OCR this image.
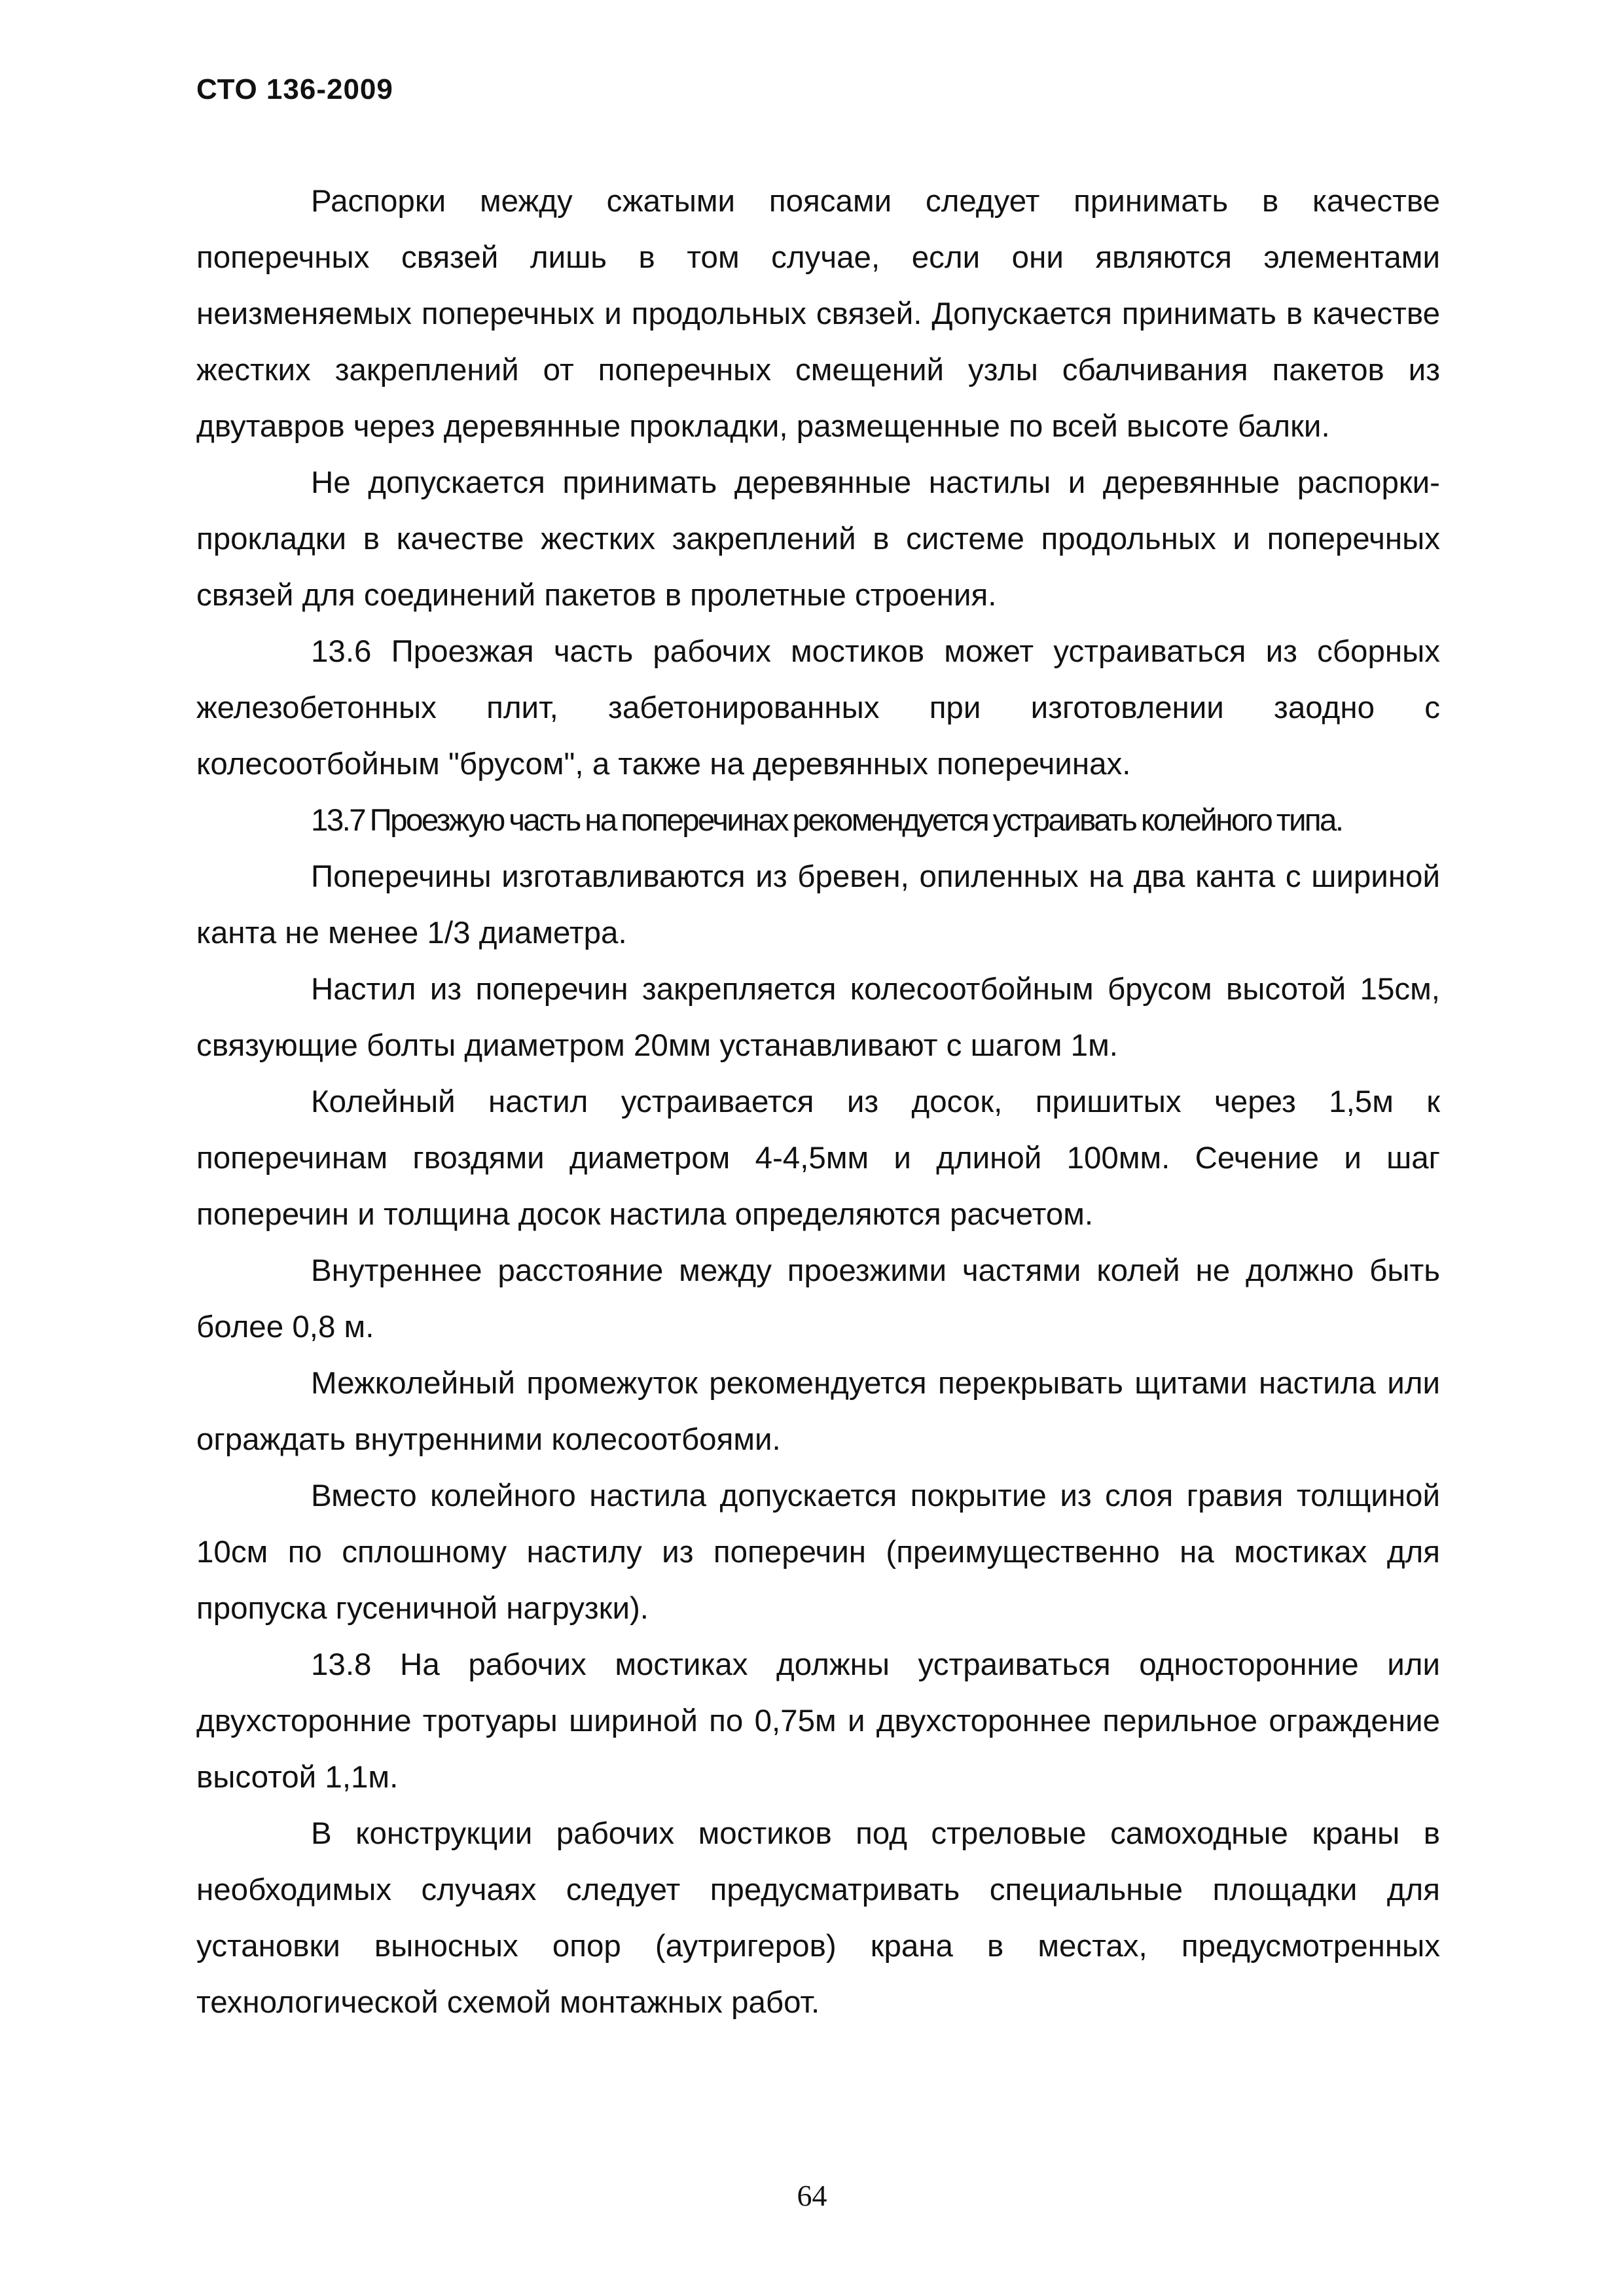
СТО 136-2009

Распорки между сжатыми поясами следует принимать в качестве поперечных связей лишь в том случае, если они являются элементами неизменяемых поперечных и продольных связей. Допускается принимать в качестве жестких закреплений от поперечных смещений узлы сбалчивания пакетов из двутавров через деревянные прокладки, размещенные по всей высоте балки.

Не допускается принимать деревянные настилы и деревянные распорки-прокладки в качестве жестких закреплений в системе продольных и поперечных связей для соединений пакетов в пролетные строения.

13.6 Проезжая часть рабочих мостиков может устраиваться из сборных железобетонных плит, забетонированных при изготовлении заодно с колесоотбойным "брусом", а также на деревянных поперечинах.

13.7 Проезжую часть на поперечинах рекомендуется устраивать колейного типа.

Поперечины изготавливаются из бревен, опиленных на два канта с шириной канта не менее 1/3 диаметра.

Настил из поперечин закрепляется колесоотбойным брусом высотой 15см, связующие болты диаметром 20мм устанавливают с шагом 1м.

Колейный настил устраивается из досок, пришитых через 1,5м к поперечинам гвоздями диаметром 4-4,5мм и длиной 100мм. Сечение и шаг поперечин и толщина досок настила определяются расчетом.

Внутреннее расстояние между проезжими частями колей не должно быть более 0,8 м.

Межколейный промежуток рекомендуется перекрывать щитами настила или ограждать внутренними колесоотбоями.

Вместо колейного настила допускается покрытие из слоя гравия толщиной 10см по сплошному настилу из поперечин (преимущественно на мостиках для пропуска гусеничной нагрузки).

13.8 На рабочих мостиках должны устраиваться односторонние или двухсторонние тротуары шириной по 0,75м и двухстороннее перильное ограждение высотой 1,1м.

В конструкции рабочих мостиков под стреловые самоходные краны в необходимых случаях следует предусматривать специальные площадки для установки выносных опор (аутригеров) крана в местах, предусмотренных технологической схемой монтажных работ.

64
